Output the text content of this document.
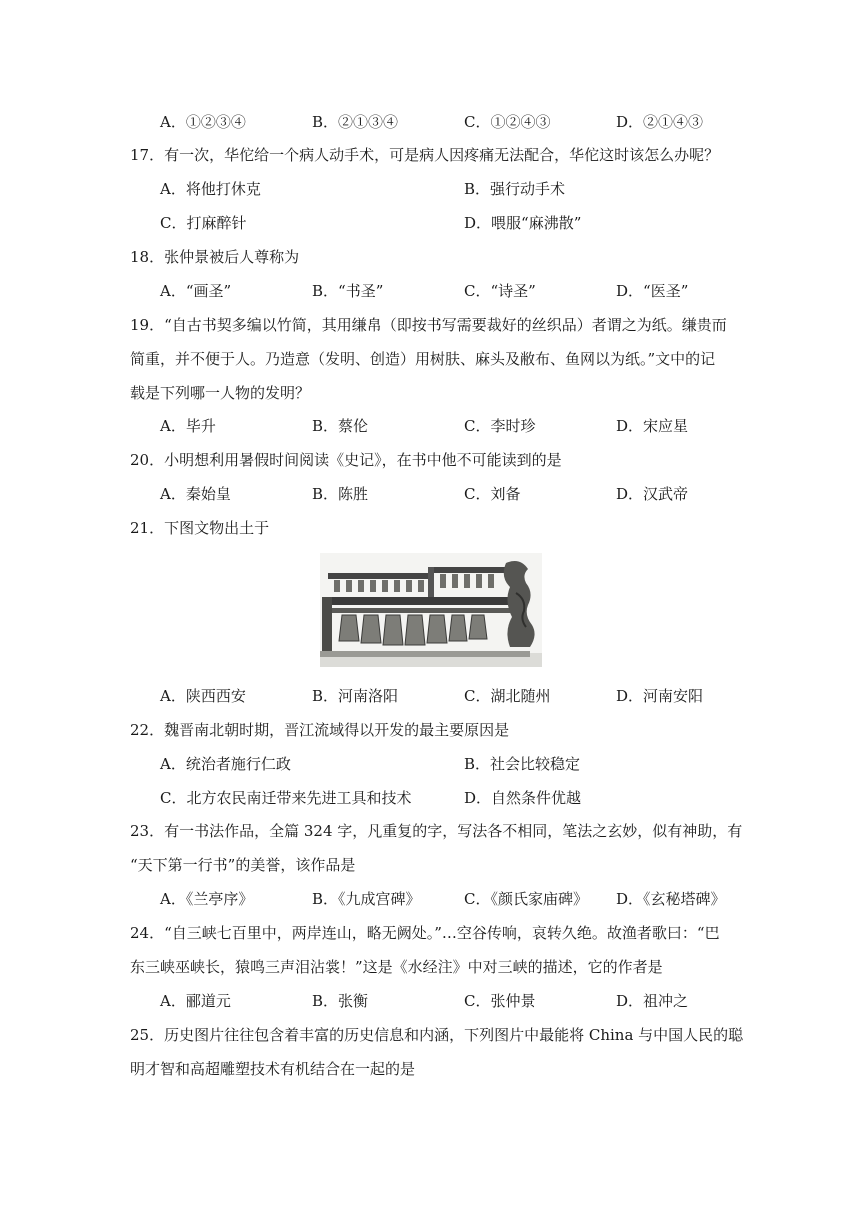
A．①②③④	B．②①③④	C．①②④③	D．②①④③
17．有一次，华佗给一个病人动手术，可是病人因疼痛无法配合，华佗这时该怎么办呢？
A．将他打休克	B．强行动手术
C．打麻醉针	D．喂服“麻沸散”
18．张仲景被后人尊称为
A．“画圣”	B．“书圣”	C．“诗圣”	D．“医圣”
19．“自古书契多编以竹简，其用缣帛（即按书写需要裁好的丝织品）者谓之为纸。缣贵而
简重，并不便于人。乃造意（发明、创造）用树肤、麻头及敝布、鱼网以为纸。”文中的记
载是下列哪一人物的发明？
A．毕升	B．蔡伦	C．李时珍	D．宋应星
20．小明想利用暑假时间阅读《史记》，在书中他不可能读到的是
A．秦始皇	B．陈胜	C．刘备	D．汉武帝
21．下图文物出土于
A．陕西西安	B．河南洛阳	C．湖北随州	D．河南安阳
22．魏晋南北朝时期，晋江流域得以开发的最主要原因是
A．统治者施行仁政	B．社会比较稳定
C．北方农民南迁带来先进工具和技术	D．自然条件优越
23．有一书法作品，全篇 324 字，凡重复的字，写法各不相同，笔法之玄妙，似有神助，有
“天下第一行书”的美誉，该作品是
A．《兰亭序》	B．《九成宫碑》	C．《颜氏家庙碑》 D．《玄秘塔碑》
24．“自三峡七百里中，两岸连山，略无阙处。”…空谷传响，哀转久绝。故渔者歌曰：“巴
东三峡巫峡长，猿鸣三声泪沾裳！”这是《水经注》中对三峡的描述，它的作者是
A．郦道元	B．张衡	C．张仲景	D．祖冲之
25．历史图片往往包含着丰富的历史信息和内涵，下列图片中最能将 China 与中国人民的聪
明才智和高超雕塑技术有机结合在一起的是
